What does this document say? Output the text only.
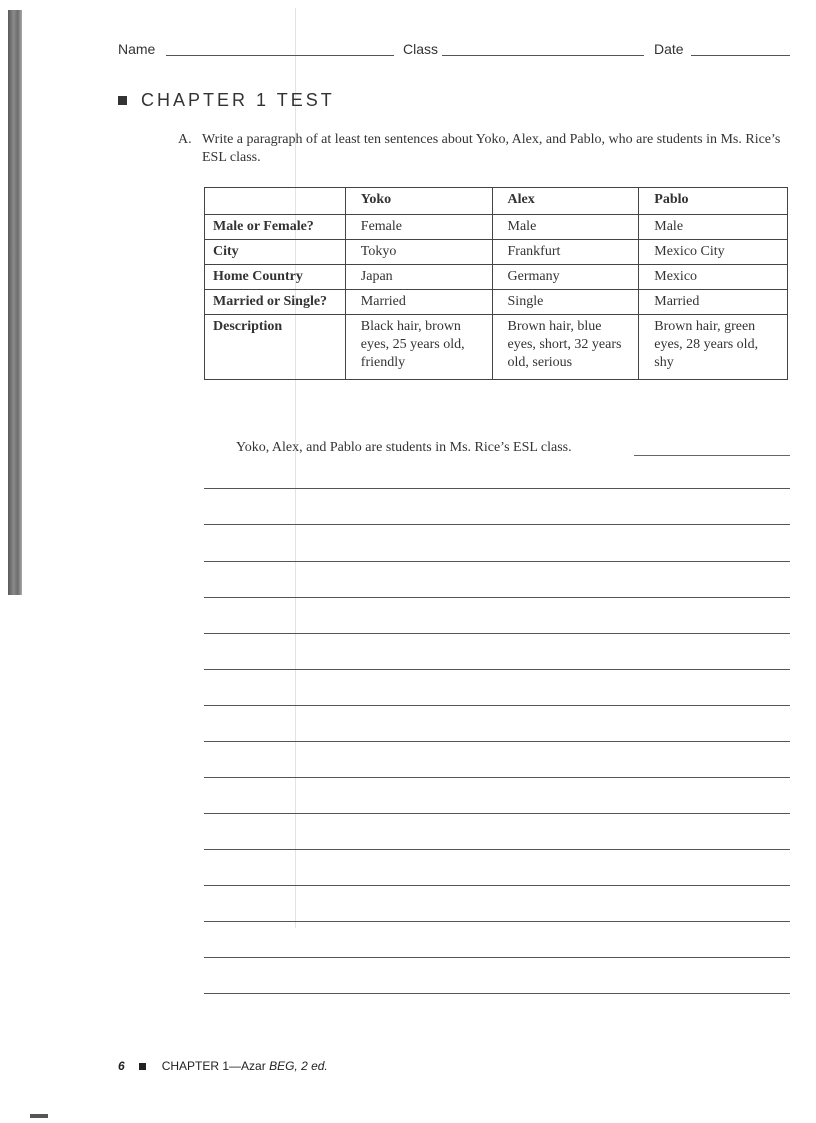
Name	Class	Date
CHAPTER 1 TEST
A. Write a paragraph of at least ten sentences about Yoko, Alex, and Pablo, who are students in Ms. Rice’s ESL class.
	Yoko	Alex	Pablo
Male or Female?	Female	Male	Male
City	Tokyo	Frankfurt	Mexico City
Home Country	Japan	Germany	Mexico
Married or Single?	Married	Single	Married
Description	Black hair, brown eyes, 25 years old, friendly	Brown hair, blue eyes, short, 32 years old, serious	Brown hair, green eyes, 28 years old, shy
Yoko, Alex, and Pablo are students in Ms. Rice’s ESL class.
6	CHAPTER 1—Azar
BEG, 2 ed.
